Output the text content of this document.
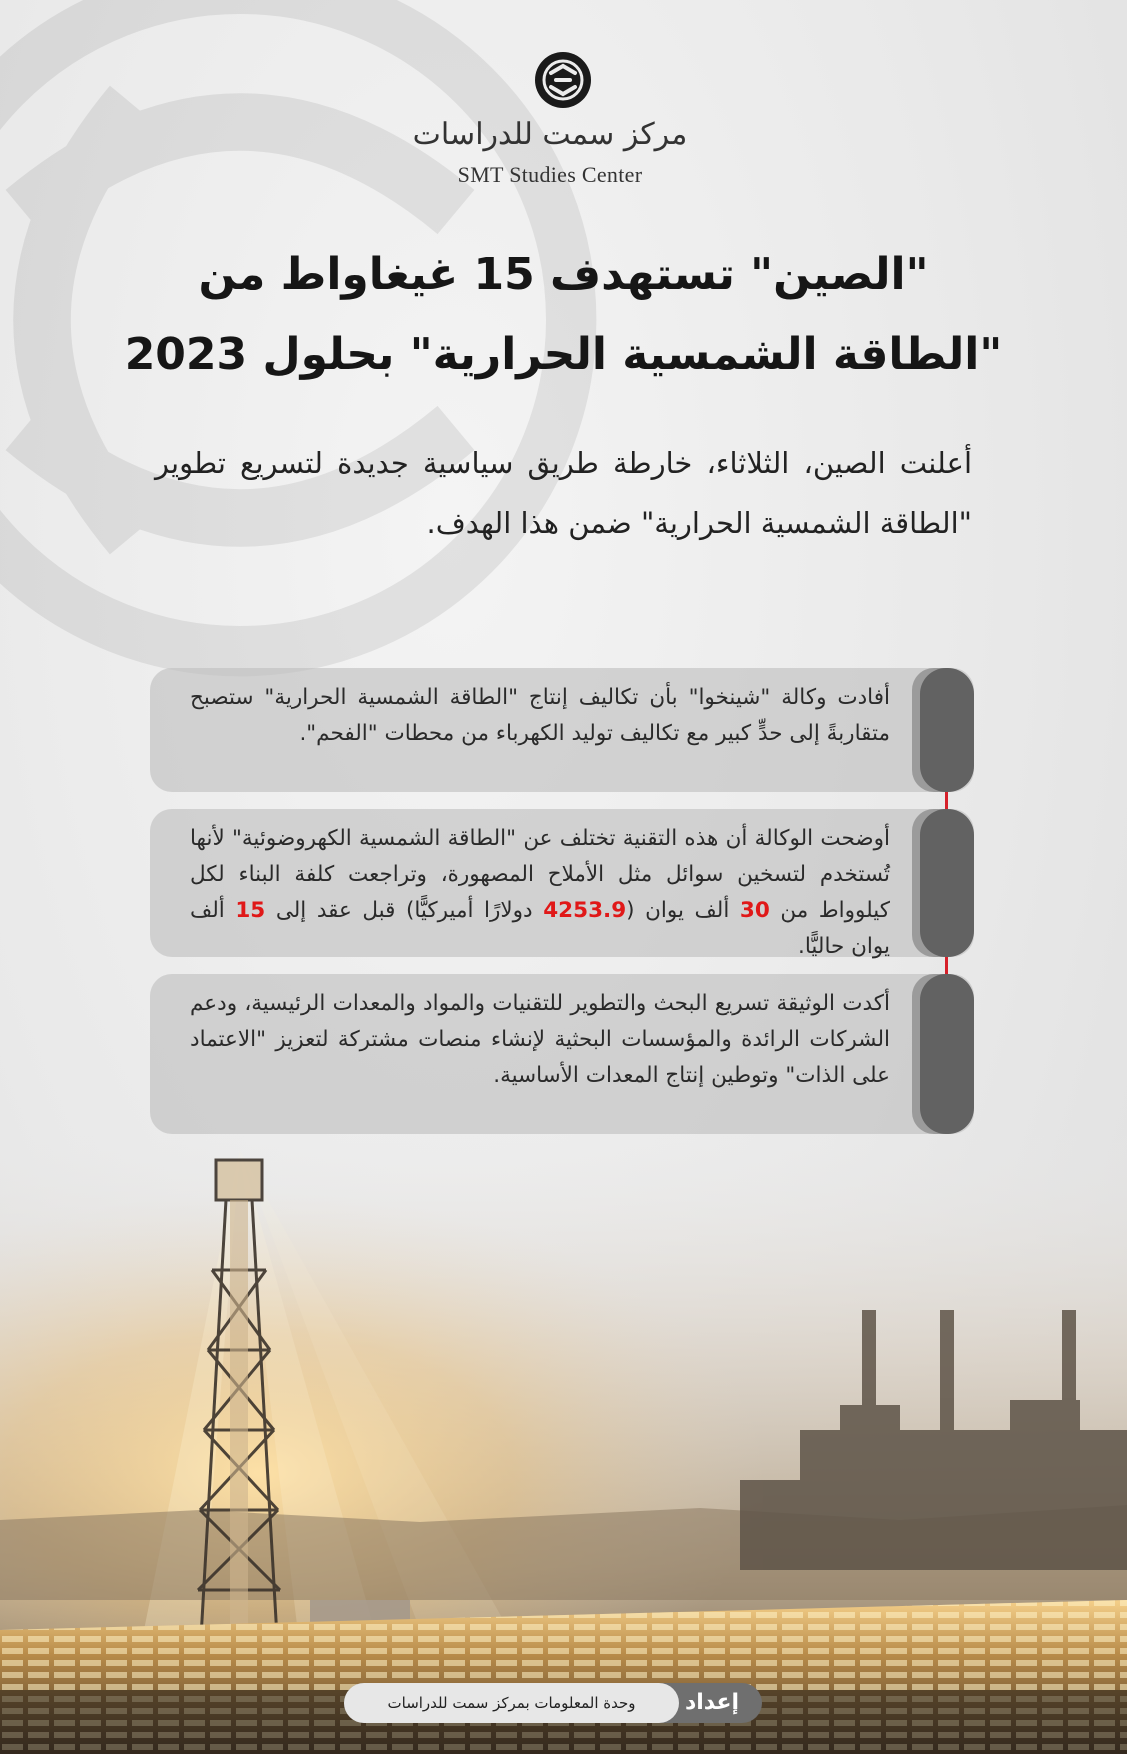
مركز سمت للدراسات
SMT Studies Center
"الصين" تستهدف 15 غيغاواط من
"الطاقة الشمسية الحرارية" بحلول 2023
أعلنت الصين، الثلاثاء، خارطة طريق سياسية جديدة لتسريع تطوير "الطاقة الشمسية الحرارية" ضمن هذا الهدف.
أفادت وكالة "شينخوا" بأن تكاليف إنتاج "الطاقة الشمسية الحرارية" ستصبح متقاربةً إلى حدٍّ كبير مع تكاليف توليد الكهرباء من محطات "الفحم".
أوضحت الوكالة أن هذه التقنية تختلف عن "الطاقة الشمسية الكهروضوئية" لأنها تُستخدم لتسخين سوائل مثل الأملاح المصهورة، وتراجعت كلفة البناء لكل كيلوواط من 30 ألف يوان (4253.9 دولارًا أميركيًّا) قبل عقد إلى 15 ألف يوان حاليًّا.
أكدت الوثيقة تسريع البحث والتطوير للتقنيات والمواد والمعدات الرئيسية، ودعم الشركات الرائدة والمؤسسات البحثية لإنشاء منصات مشتركة لتعزيز "الاعتماد على الذات" وتوطين إنتاج المعدات الأساسية.
إعداد
وحدة المعلومات بمركز سمت للدراسات
